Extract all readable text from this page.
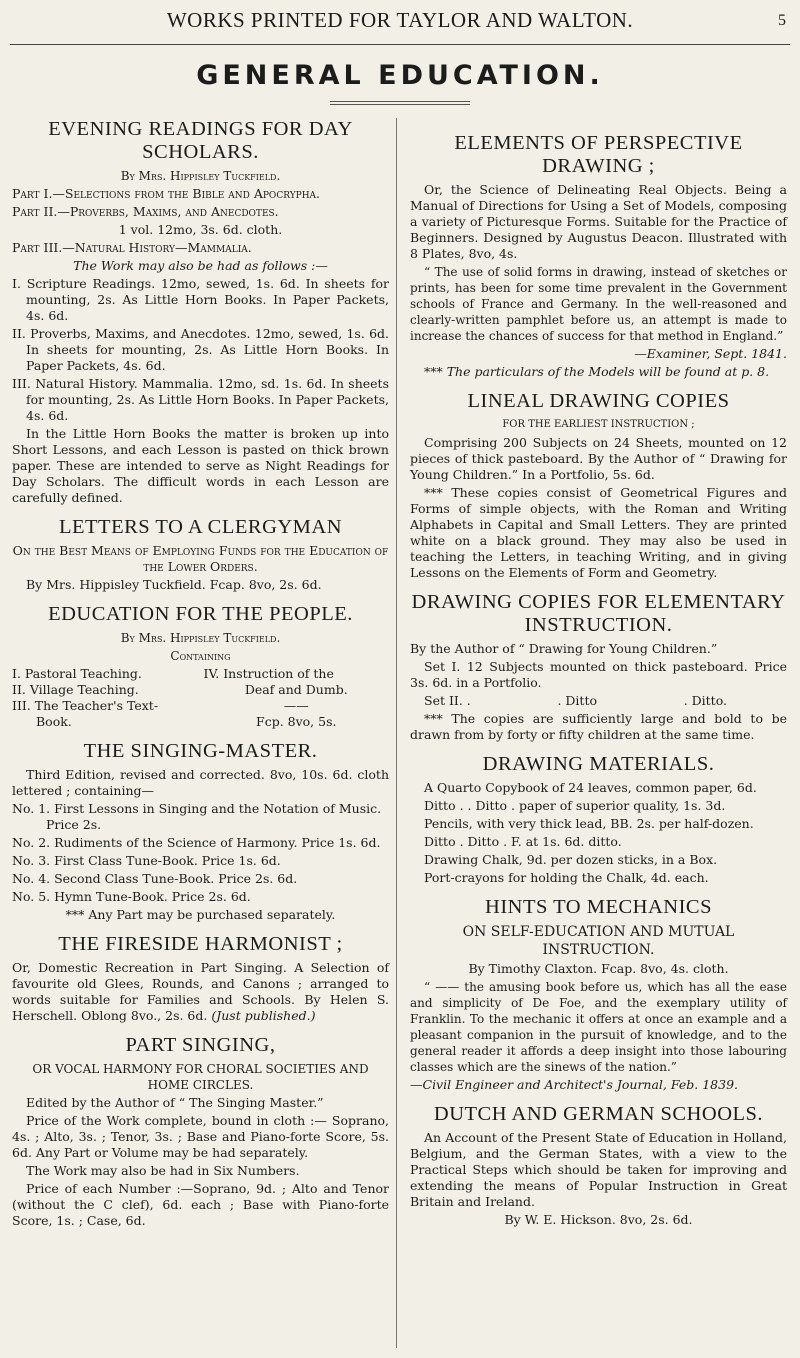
WORKS PRINTED FOR TAYLOR AND WALTON.	5
GENERAL EDUCATION.
EVENING READINGS FOR DAY SCHOLARS.
By Mrs. Hippisley Tuckfield.

Part I.—Selections from the Bible and Apocrypha.

Part II.—Proverbs, Maxims, and Anecdotes.

1 vol. 12mo, 3s. 6d. cloth.

Part III.—Natural History—Mammalia.

The Work may also be had as follows :—

I. Scripture Readings. 12mo, sewed, 1s. 6d. In sheets for mounting, 2s. As Little Horn Books. In Paper Packets, 4s. 6d.

II. Proverbs, Maxims, and Anecdotes. 12mo, sewed, 1s. 6d. In sheets for mounting, 2s. As Little Horn Books. In Paper Packets, 4s. 6d.

III. Natural History. Mammalia. 12mo, sd. 1s. 6d. In sheets for mounting, 2s. As Little Horn Books. In Paper Packets, 4s. 6d.

In the Little Horn Books the matter is broken up into Short Lessons, and each Lesson is pasted on thick brown paper. These are intended to serve as Night Readings for Day Scholars. The difficult words in each Lesson are carefully defined.

LETTERS TO A CLERGYMAN

On the Best Means of Employing Funds for the Education of the Lower Orders.

By Mrs. Hippisley Tuckfield. Fcap. 8vo, 2s. 6d.

EDUCATION FOR THE PEOPLE.
By Mrs. Hippisley Tuckfield.
Containing
I. Pastoral Teaching.	IV. Instruction of the
II. Village Teaching.	Deaf and Dumb.
III. The Teacher's Text-	——
Book.	Fcp. 8vo, 5s.
THE SINGING-MASTER.

Third Edition, revised and corrected. 8vo, 10s. 6d. cloth lettered ; containing—

No. 1. First Lessons in Singing and the Notation of Music. Price 2s.

No. 2. Rudiments of the Science of Harmony. Price 1s. 6d.

No. 3. First Class Tune-Book. Price 1s. 6d.

No. 4. Second Class Tune-Book. Price 2s. 6d.

No. 5. Hymn Tune-Book. Price 2s. 6d.

*** Any Part may be purchased separately.

THE FIRESIDE HARMONIST ;

Or, Domestic Recreation in Part Singing. A Selection of favourite old Glees, Rounds, and Canons ; arranged to words suitable for Families and Schools. By Helen S. Herschell. Oblong 8vo., 2s. 6d. (Just published.)

PART SINGING,

OR VOCAL HARMONY FOR CHORAL SOCIETIES AND HOME CIRCLES.

Edited by the Author of “ The Singing Master.”

Price of the Work complete, bound in cloth :— Soprano, 4s. ; Alto, 3s. ; Tenor, 3s. ; Base and Piano-forte Score, 5s. 6d. Any Part or Volume may be had separately.

The Work may also be had in Six Numbers.

Price of each Number :—Soprano, 9d. ; Alto and Tenor (without the C clef), 6d. each ; Base with Piano-forte Score, 1s. ; Case, 6d.

ELEMENTS OF PERSPECTIVE DRAWING ;

Or, the Science of Delineating Real Objects. Being a Manual of Directions for Using a Set of Models, composing a variety of Picturesque Forms. Suitable for the Practice of Beginners. Designed by Augustus Deacon. Illustrated with 8 Plates, 8vo, 4s.

“ The use of solid forms in drawing, instead of sketches or prints, has been for some time prevalent in the Government schools of France and Germany. In the well-reasoned and clearly-written pamphlet before us, an attempt is made to increase the chances of success for that method in England.”

—Examiner, Sept. 1841.

*** The particulars of the Models will be found at p. 8.

LINEAL DRAWING COPIES
FOR THE EARLIEST INSTRUCTION ;

Comprising 200 Subjects on 24 Sheets, mounted on 12 pieces of thick pasteboard. By the Author of “ Drawing for Young Children.” In a Portfolio, 5s. 6d.

*** These copies consist of Geometrical Figures and Forms of simple objects, with the Roman and Writing Alphabets in Capital and Small Letters. They are printed white on a black ground. They may also be used in teaching the Letters, in teaching Writing, and in giving Lessons on the Elements of Form and Geometry.

DRAWING COPIES FOR ELEMENTARY INSTRUCTION.

By the Author of “ Drawing for Young Children.”

Set I. 12 Subjects mounted on thick pasteboard. Price 3s. 6d. in a Portfolio.

Set II. .	. Ditto	. Ditto.

*** The copies are sufficiently large and bold to be drawn from by forty or fifty children at the same time.

DRAWING MATERIALS.

A Quarto Copybook of 24 leaves, common paper, 6d.

Ditto . . Ditto . paper of superior quality, 1s. 3d.

Pencils, with very thick lead, BB. 2s. per half-dozen.

Ditto . Ditto . F. at 1s. 6d. ditto.

Drawing Chalk, 9d. per dozen sticks, in a Box.

Port-crayons for holding the Chalk, 4d. each.

HINTS TO MECHANICS

ON SELF-EDUCATION AND MUTUAL INSTRUCTION.

By Timothy Claxton. Fcap. 8vo, 4s. cloth.

“ —— the amusing book before us, which has all the ease and simplicity of De Foe, and the exemplary utility of Franklin. To the mechanic it offers at once an example and a pleasant companion in the pursuit of knowledge, and to the general reader it affords a deep insight into those labouring classes which are the sinews of the nation.”

—Civil Engineer and Architect's Journal, Feb. 1839.

DUTCH AND GERMAN SCHOOLS.

An Account of the Present State of Education in Holland, Belgium, and the German States, with a view to the Practical Steps which should be taken for improving and extending the means of Popular Instruction in Great Britain and Ireland.

By W. E. Hickson. 8vo, 2s. 6d.
